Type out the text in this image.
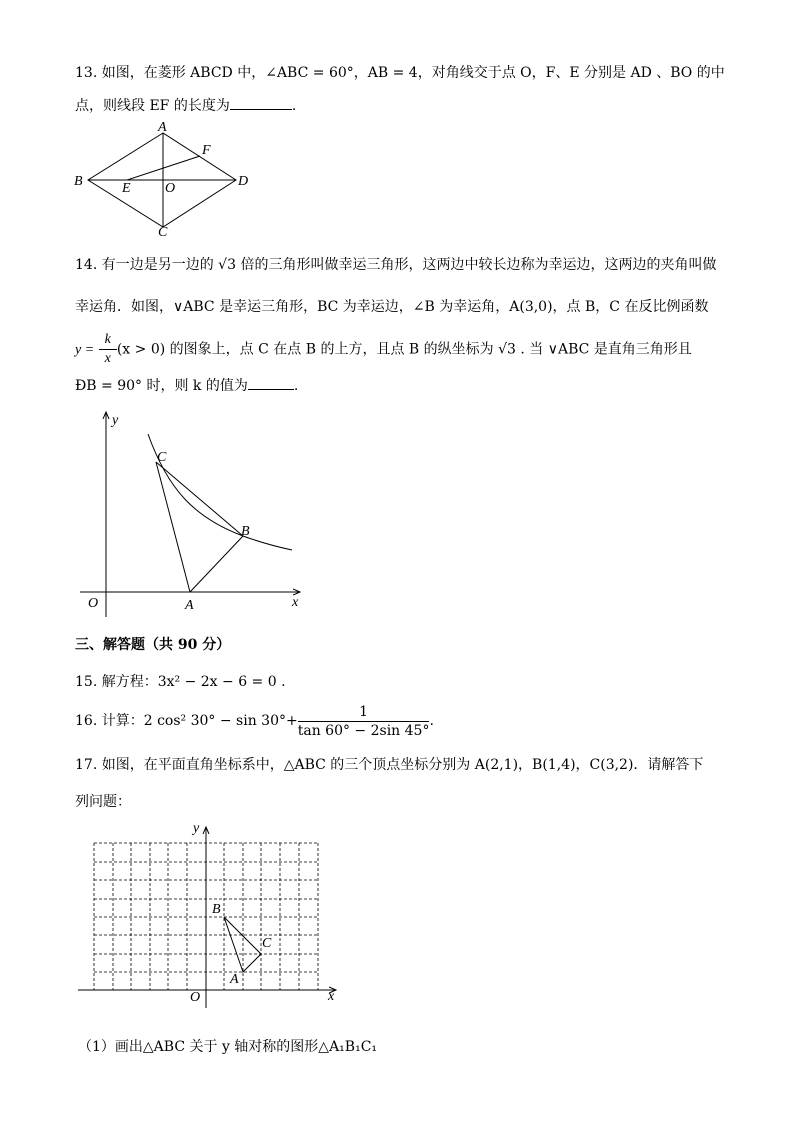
13. 如图，在菱形 ABCD 中，∠ABC = 60°，AB = 4，对角线交于点 O，F、E 分别是 AD 、BO 的中
点，则线段 EF 的长度为	.
A
B
C
D
E
F
O
14. 有一边是另一边的 √3 倍的三角形叫做幸运三角形，这两边中较长边称为幸运边，这两边的夹角叫做
幸运角．如图，∨ABC 是幸运三角形，BC 为幸运边，∠B 为幸运角，A(3,0)，点 B，C 在反比例函数
$y = \frac{k}{x} (x > 0)$ 的图象上，点 C 在点 B 的上方，且点 B 的纵坐标为 √3 . 当 ∨ABC 是直角三角形且
ÐB = 90° 时，则 k 的值为	.
y
x
O	A
B
C
三、解答题（共 90 分）
15. 解方程：3x² − 2x − 6 = 0 .
16. 计算：2 cos² $30^\circ - \sin 30^\circ+ \frac{1}{\tan 60^\circ - 2\sin 45^\circ}$ .
17. 如图，在平面直角坐标系中，△ABC 的三个顶点坐标分别为 A(2,1)，B(1,4)，C(3,2)．请解答下
列问题：
y
x
O
A
B
C
（1）画出△ABC 关于 y 轴对称的图形△A₁B₁C₁
